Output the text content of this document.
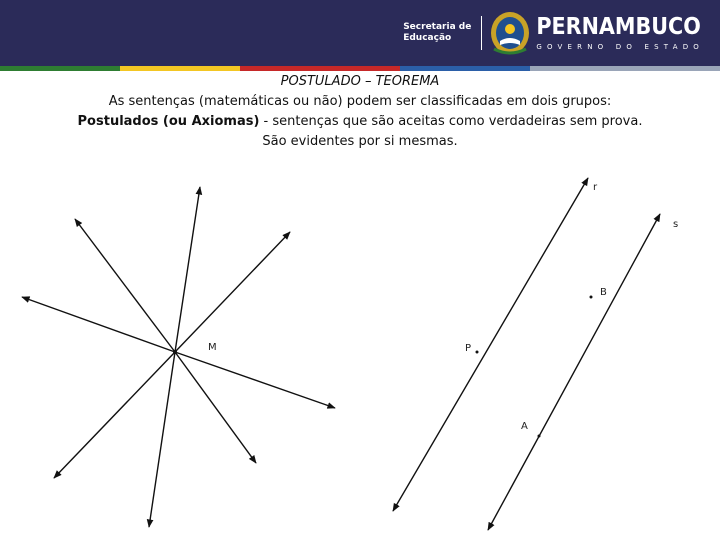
Secretaria de
Educação	PERNAMBUCO
GOVERNO DO ESTADO
POSTULADO – TEOREMA
As sentenças (matemáticas ou não) podem ser classificadas em dois grupos:
Postulados (ou Axiomas) - sentenças que são aceitas como verdadeiras sem prova.
São evidentes por si mesmas.
r
s
B
M	P
A
